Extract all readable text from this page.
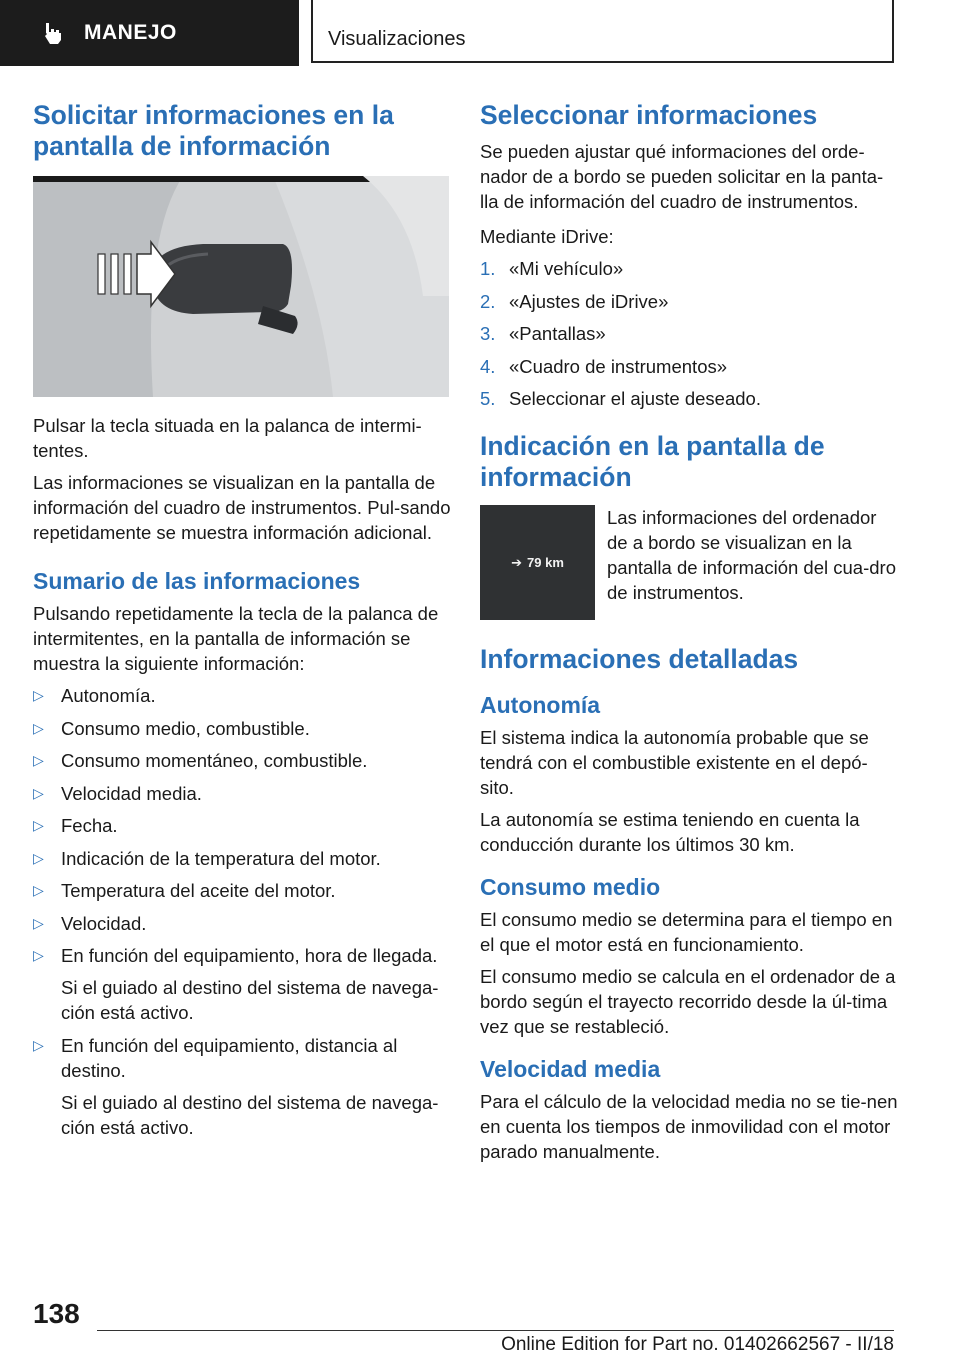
MANEJO	Visualizaciones
Solicitar informaciones en la pantalla de información

Pulsar la tecla situada en la palanca de intermi-tentes.

Las informaciones se visualizan en la pantalla de información del cuadro de instrumentos. Pul-sando repetidamente se muestra información adicional.

Sumario de las informaciones

Pulsando repetidamente la tecla de la palanca de intermitentes, en la pantalla de información se muestra la siguiente información:

▷ Autonomía.
▷ Consumo medio, combustible.
▷ Consumo momentáneo, combustible.
▷ Velocidad media.
▷ Fecha.
▷ Indicación de la temperatura del motor.
▷ Temperatura del aceite del motor.
▷ Velocidad.
▷ En función del equipamiento, hora de llegada.
Si el guiado al destino del sistema de navega-ción está activo.
▷ En función del equipamiento, distancia al destino.
Si el guiado al destino del sistema de navega-ción está activo.
Seleccionar informaciones

Se pueden ajustar qué informaciones del orde-nador de a bordo se pueden solicitar en la panta-lla de información del cuadro de instrumentos.

Mediante iDrive:

1. «Mi vehículo»
2. «Ajustes de iDrive»
3. «Pantallas»
4. «Cuadro de instrumentos»
5. Seleccionar el ajuste deseado.
Indicación en la pantalla de información
➔ 79 km
Las informaciones del ordenador de a bordo se visualizan en la pantalla de información del cua-dro de instrumentos.
Informaciones detalladas
Autonomía

El sistema indica la autonomía probable que se tendrá con el combustible existente en el depó-sito.

La autonomía se estima teniendo en cuenta la conducción durante los últimos 30 km.

Consumo medio

El consumo medio se determina para el tiempo en el que el motor está en funcionamiento.

El consumo medio se calcula en el ordenador de a bordo según el trayecto recorrido desde la úl-tima vez que se restableció.

Velocidad media

Para el cálculo de la velocidad media no se tie-nen en cuenta los tiempos de inmovilidad con el motor parado manualmente.

138
Online Edition for Part no. 01402662567 - II/18
